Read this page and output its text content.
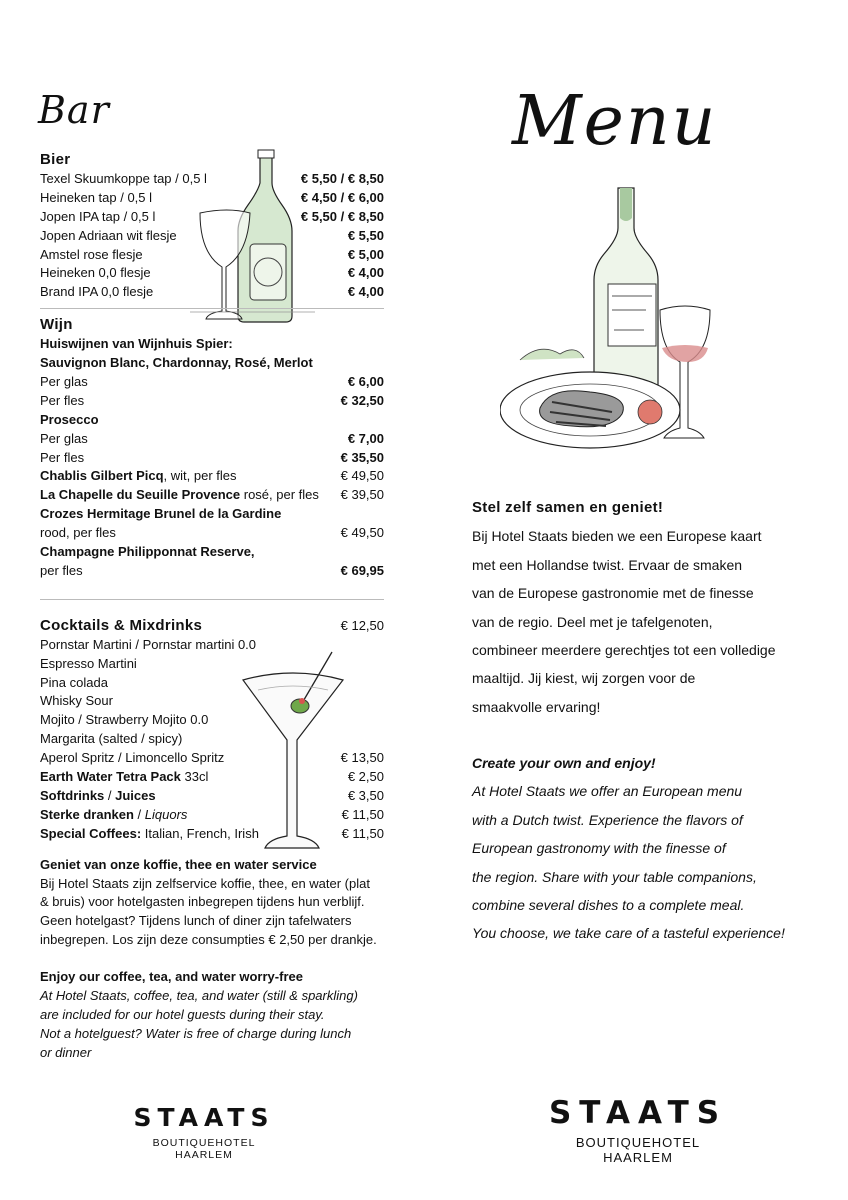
Bar	Menu
Bier
Texel Skuumkoppe tap / 0,5 l	€ 5,50 / € 8,50
Heineken tap / 0,5 l	€ 4,50 / € 6,00
Jopen IPA tap / 0,5 l	€ 5,50 / € 8,50
Jopen Adriaan wit flesje	€ 5,50
Amstel rose flesje	€ 5,00
Heineken 0,0 flesje	€ 4,00
Brand IPA 0,0 flesje	€ 4,00
Wijn
Huiswijnen van Wijnhuis Spier:
Sauvignon Blanc, Chardonnay, Rosé, Merlot
Per glas	€ 6,00
Per fles	€ 32,50
Prosecco
Per glas	€ 7,00
Per fles	€ 35,50
Chablis Gilbert Picq, wit, per fles	€ 49,50
La Chapelle du Seuille Provence rosé, per fles € 39,50
Crozes Hermitage Brunel de la Gardine
rood, per fles	€ 49,50
Champagne Philipponnat Reserve,
per fles	€ 69,95
Cocktails & Mixdrinks	€ 12,50
Pornstar Martini / Pornstar martini 0.0
Espresso Martini
Pina colada
Whisky Sour
Mojito / Strawberry Mojito 0.0
Margarita (salted / spicy)
Aperol Spritz / Limoncello Spritz	€ 13,50
Earth Water Tetra Pack 33cl	€ 2,50
Softdrinks / Juices	€ 3,50
Sterke dranken / Liquors	€ 11,50
Special Coffees: Italian, French, Irish	€ 11,50
Geniet van onze koffie, thee en water service
Bij Hotel Staats zijn zelfservice koffie, thee, en water (plat
& bruis) voor hotelgasten inbegrepen tijdens hun verblijf.
Geen hotelgast? Tijdens lunch of diner zijn tafelwaters
inbegrepen. Los zijn deze consumpties € 2,50 per drankje.
Enjoy our coffee, tea, and water worry-free
At Hotel Staats, coffee, tea, and water (still & sparkling)
are included for our hotel guests during their stay.
Not a hotelguest? Water is free of charge during lunch
or dinner
Stel zelf samen en geniet!
Bij Hotel Staats bieden we een Europese kaart
met een Hollandse twist. Ervaar de smaken
van de Europese gastronomie met de finesse
van de regio. Deel met je tafelgenoten,
combineer meerdere gerechtjes tot een volledige
maaltijd. Jij kiest, wij zorgen voor de
smaakvolle ervaring!
Create your own and enjoy!
At Hotel Staats we offer an European menu
with a Dutch twist. Experience the flavors of
European gastronomy with the finesse of
the region. Share with your table companions,
combine several dishes to a complete meal.
You choose, we take care of a tasteful experience!
STAATS
BOUTIQUEHOTEL HAARLEM
STAATS
BOUTIQUEHOTEL HAARLEM
